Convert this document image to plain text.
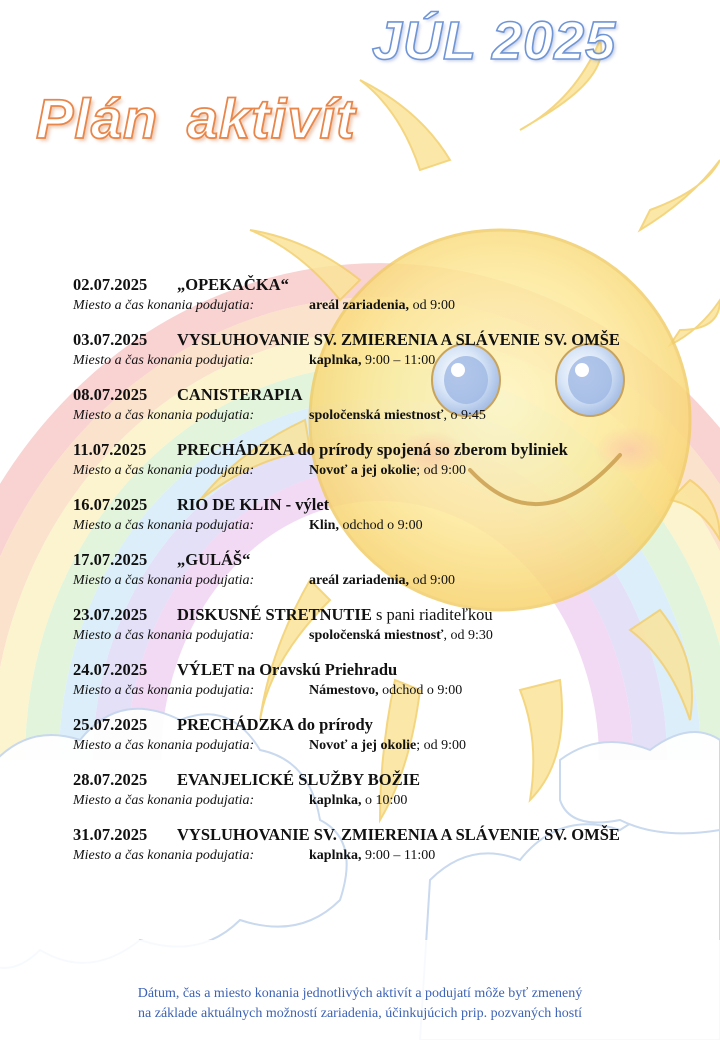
JÚL 2025
Plán aktivít
02.07.2025 „OPEKAČKA“
Miesto a čas konania podujatia:	areál zariadenia, od 9:00
03.07.2025 VYSLUHOVANIE SV. ZMIERENIA A SLÁVENIE SV. OMŠE
Miesto a čas konania podujatia:	kaplnka, 9:00 – 11:00
08.07.2025 CANISTERAPIA
Miesto a čas konania podujatia:	spoločenská miestnosť, o 9:45
11.07.2025 PRECHÁDZKA do prírody spojená so zberom byliniek
Miesto a čas konania podujatia:	Novoť a jej okolie; od 9:00
16.07.2025 RIO DE KLIN - výlet
Miesto a čas konania podujatia:	Klin, odchod o 9:00
17.07.2025 „GULÁŠ“
Miesto a čas konania podujatia:	areál zariadenia, od 9:00
23.07.2025 DISKUSNÉ STRETNUTIE s pani riaditeľkou
Miesto a čas konania podujatia:	spoločenská miestnosť, od 9:30
24.07.2025 VÝLET na Oravskú Priehradu
Miesto a čas konania podujatia:	Námestovo, odchod o 9:00
25.07.2025 PRECHÁDZKA do prírody
Miesto a čas konania podujatia:	Novoť a jej okolie; od 9:00
28.07.2025 EVANJELICKÉ SLUŽBY BOŽIE
Miesto a čas konania podujatia:	kaplnka, o 10:00
31.07.2025 VYSLUHOVANIE SV. ZMIERENIA A SLÁVENIE SV. OMŠE
Miesto a čas konania podujatia:	kaplnka, 9:00 – 11:00
Dátum, čas a miesto konania jednotlivých aktivít a podujatí môže byť zmenený
na základe aktuálnych možností zariadenia, účinkujúcich prip. pozvaných hostí
